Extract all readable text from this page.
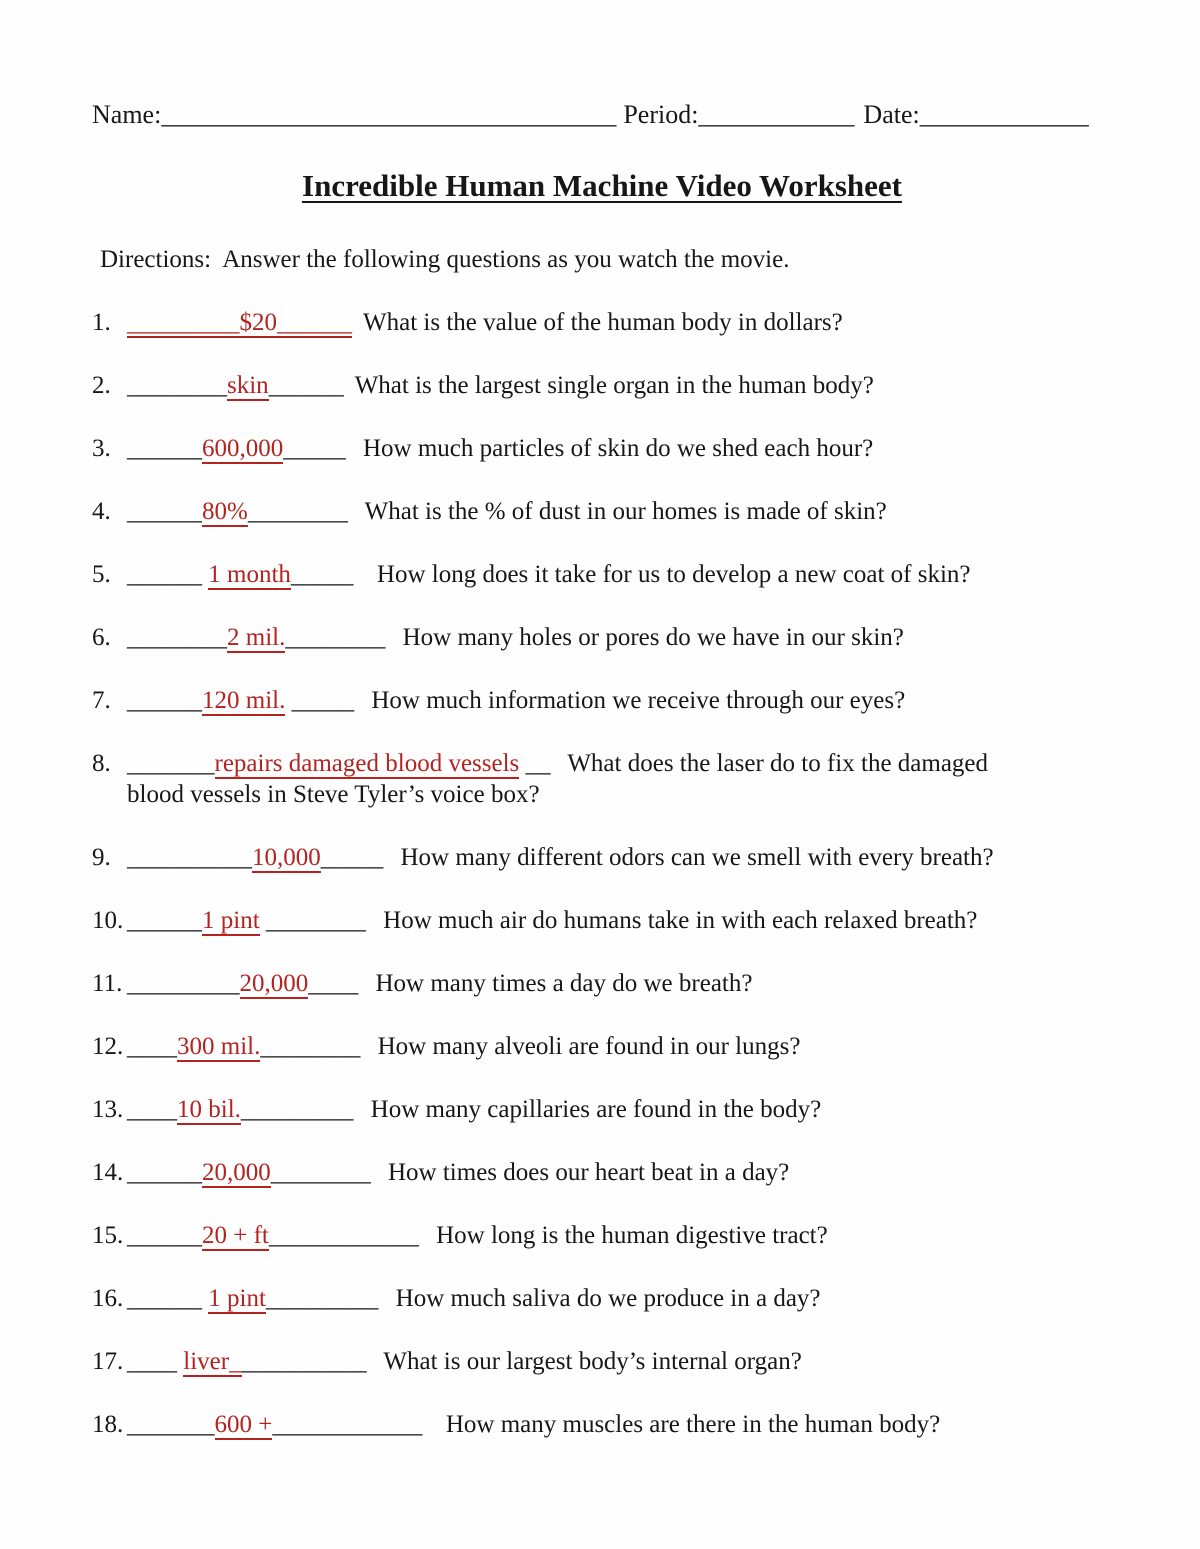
Name:___________________________________ Period:____________ Date:_____________
Incredible Human Machine Video Worksheet
Directions:  Answer the following questions as you watch the movie.
1. _________$20______ What is the value of the human body in dollars?
2. ________skin______ What is the largest single organ in the human body?
3. ______600,000_____ How much particles of skin do we shed each hour?
4. ______80%________ What is the % of dust in our homes is made of skin?
5. ______ 1 month_____  How long does it take for us to develop a new coat of skin?
6. ________2 mil.________ How many holes or pores do we have in our skin?
7. ______120 mil. _____ How much information we receive through our eyes?
8. _______repairs damaged blood vessels __ What does the laser do to fix the damaged
blood vessels in Steve Tyler’s voice box?
9. __________10,000_____ How many different odors can we smell with every breath?
10. ______1 pint ________ How much air do humans take in with each relaxed breath?
11. _________20,000____ How many times a day do we breath?
12. ____300 mil.________ How many alveoli are found in our lungs?
13. ____10 bil._________ How many capillaries are found in the body?
14. ______20,000________ How times does our heart beat in a day?
15. ______20 + ft____________ How long is the human digestive tract?
16. ______ 1 pint_________ How much saliva do we produce in a day?
17. ____ liver___________ What is our largest body’s internal organ?
18. _______600 +____________  How many muscles are there in the human body?
